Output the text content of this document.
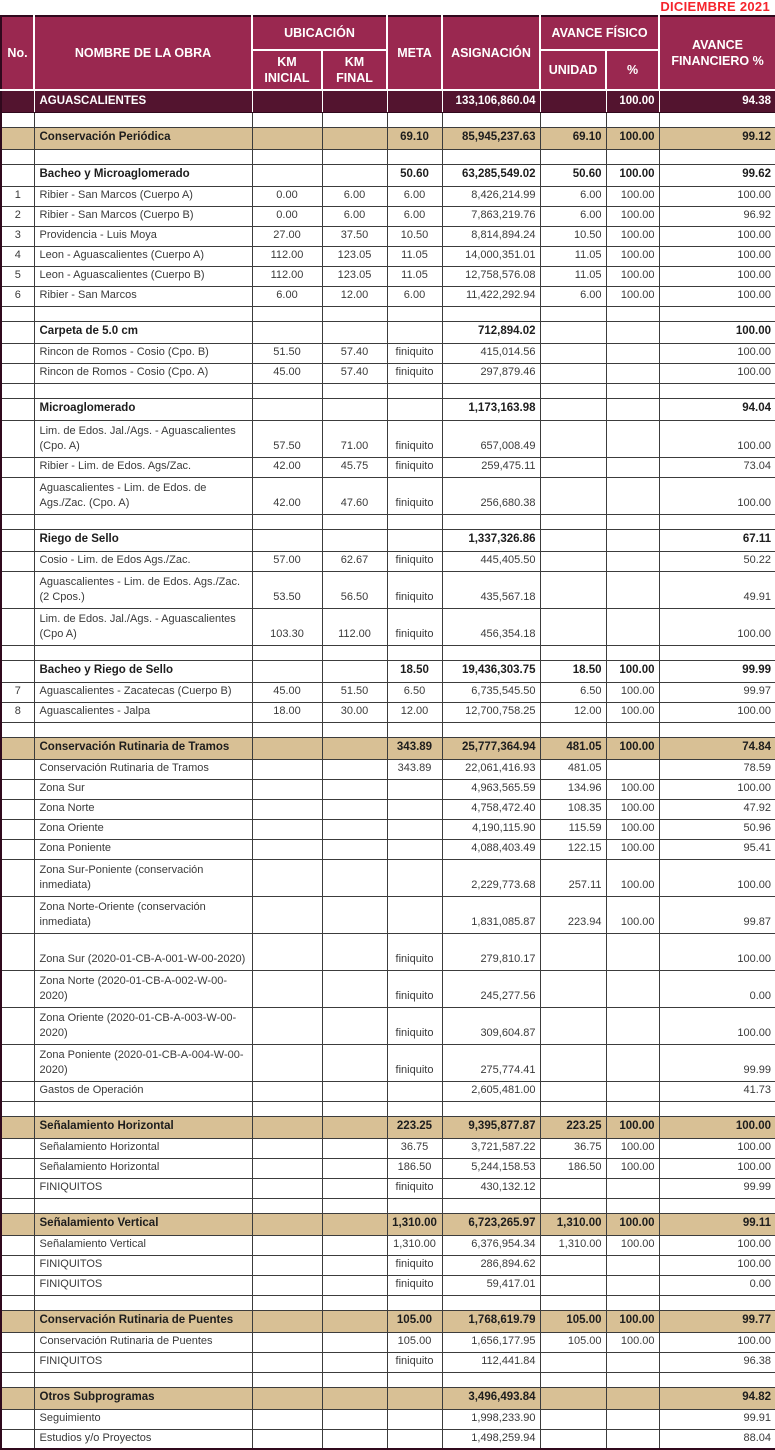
DICIEMBRE 2021
No.	NOMBRE DE LA OBRA	UBICACIÓN		META	ASIGNACIÓN	AVANCE FÍSICO		AVANCE FINANCIERO %
		KM INICIAL	KM FINAL			UNIDAD	%	
	AGUASCALIENTES				133,106,860.04		100.00	94.38

	Conservación Periódica			69.10	85,945,237.63	69.10	100.00	99.12

	Bacheo y Microaglomerado			50.60	63,285,549.02	50.60	100.00	99.62
1	Ribier - San Marcos (Cuerpo A)	0.00	6.00	6.00	8,426,214.99	6.00	100.00	100.00
2	Ribier - San Marcos (Cuerpo B)	0.00	6.00	6.00	7,863,219.76	6.00	100.00	96.92
3	Providencia - Luis Moya	27.00	37.50	10.50	8,814,894.24	10.50	100.00	100.00
4	Leon - Aguascalientes (Cuerpo A)	112.00	123.05	11.05	14,000,351.01	11.05	100.00	100.00
5	Leon - Aguascalientes (Cuerpo B)	112.00	123.05	11.05	12,758,576.08	11.05	100.00	100.00
6	Ribier - San Marcos	6.00	12.00	6.00	11,422,292.94	6.00	100.00	100.00

	Carpeta de 5.0 cm				712,894.02			100.00
	Rincon de Romos - Cosio (Cpo. B)	51.50	57.40	finiquito	415,014.56			100.00
	Rincon de Romos - Cosio (Cpo. A)	45.00	57.40	finiquito	297,879.46			100.00

	Microaglomerado				1,173,163.98			94.04
	Lim. de Edos. Jal./Ags. - Aguascalientes (Cpo. A)	57.50	71.00	finiquito	657,008.49			100.00
	Ribier - Lim. de Edos. Ags/Zac.	42.00	45.75	finiquito	259,475.11			73.04
	Aguascalientes - Lim. de Edos. de Ags./Zac. (Cpo. A)	42.00	47.60	finiquito	256,680.38			100.00

	Riego de Sello				1,337,326.86			67.11
	Cosio - Lim. de Edos Ags./Zac.	57.00	62.67	finiquito	445,405.50			50.22
	Aguascalientes - Lim. de Edos. Ags./Zac. (2 Cpos.)	53.50	56.50	finiquito	435,567.18			49.91
	Lim. de Edos. Jal./Ags. - Aguascalientes (Cpo A)	103.30	112.00	finiquito	456,354.18			100.00

	Bacheo y Riego de Sello			18.50	19,436,303.75	18.50	100.00	99.99
7	Aguascalientes - Zacatecas (Cuerpo B)	45.00	51.50	6.50	6,735,545.50	6.50	100.00	99.97
8	Aguascalientes - Jalpa	18.00	30.00	12.00	12,700,758.25	12.00	100.00	100.00

	Conservación Rutinaria de Tramos			343.89	25,777,364.94	481.05	100.00	74.84
	Conservación Rutinaria de Tramos			343.89	22,061,416.93	481.05		78.59
	Zona Sur				4,963,565.59	134.96	100.00	100.00
	Zona Norte				4,758,472.40	108.35	100.00	47.92
	Zona Oriente				4,190,115.90	115.59	100.00	50.96
	Zona Poniente				4,088,403.49	122.15	100.00	95.41
	Zona Sur-Poniente (conservación inmediata)				2,229,773.68	257.11	100.00	100.00
	Zona Norte-Oriente (conservación inmediata)				1,831,085.87	223.94	100.00	99.87
	Zona Sur (2020-01-CB-A-001-W-00-2020)			finiquito	279,810.17			100.00
	Zona Norte (2020-01-CB-A-002-W-00-2020)			finiquito	245,277.56			0.00
	Zona Oriente (2020-01-CB-A-003-W-00-2020)			finiquito	309,604.87			100.00
	Zona Poniente (2020-01-CB-A-004-W-00-2020)			finiquito	275,774.41			99.99
	Gastos de Operación				2,605,481.00			41.73

	Señalamiento Horizontal			223.25	9,395,877.87	223.25	100.00	100.00
	Señalamiento Horizontal			36.75	3,721,587.22	36.75	100.00	100.00
	Señalamiento Horizontal			186.50	5,244,158.53	186.50	100.00	100.00
	FINIQUITOS			finiquito	430,132.12			99.99

	Señalamiento Vertical			1,310.00	6,723,265.97	1,310.00	100.00	99.11
	Señalamiento Vertical			1,310.00	6,376,954.34	1,310.00	100.00	100.00
	FINIQUITOS			finiquito	286,894.62			100.00
	FINIQUITOS			finiquito	59,417.01			0.00

	Conservación Rutinaria de Puentes			105.00	1,768,619.79	105.00	100.00	99.77
	Conservación Rutinaria de Puentes			105.00	1,656,177.95	105.00	100.00	100.00
	FINIQUITOS			finiquito	112,441.84			96.38

	Otros Subprogramas				3,496,493.84			94.82
	Seguimiento				1,998,233.90			99.91
	Estudios y/o Proyectos				1,498,259.94			88.04
